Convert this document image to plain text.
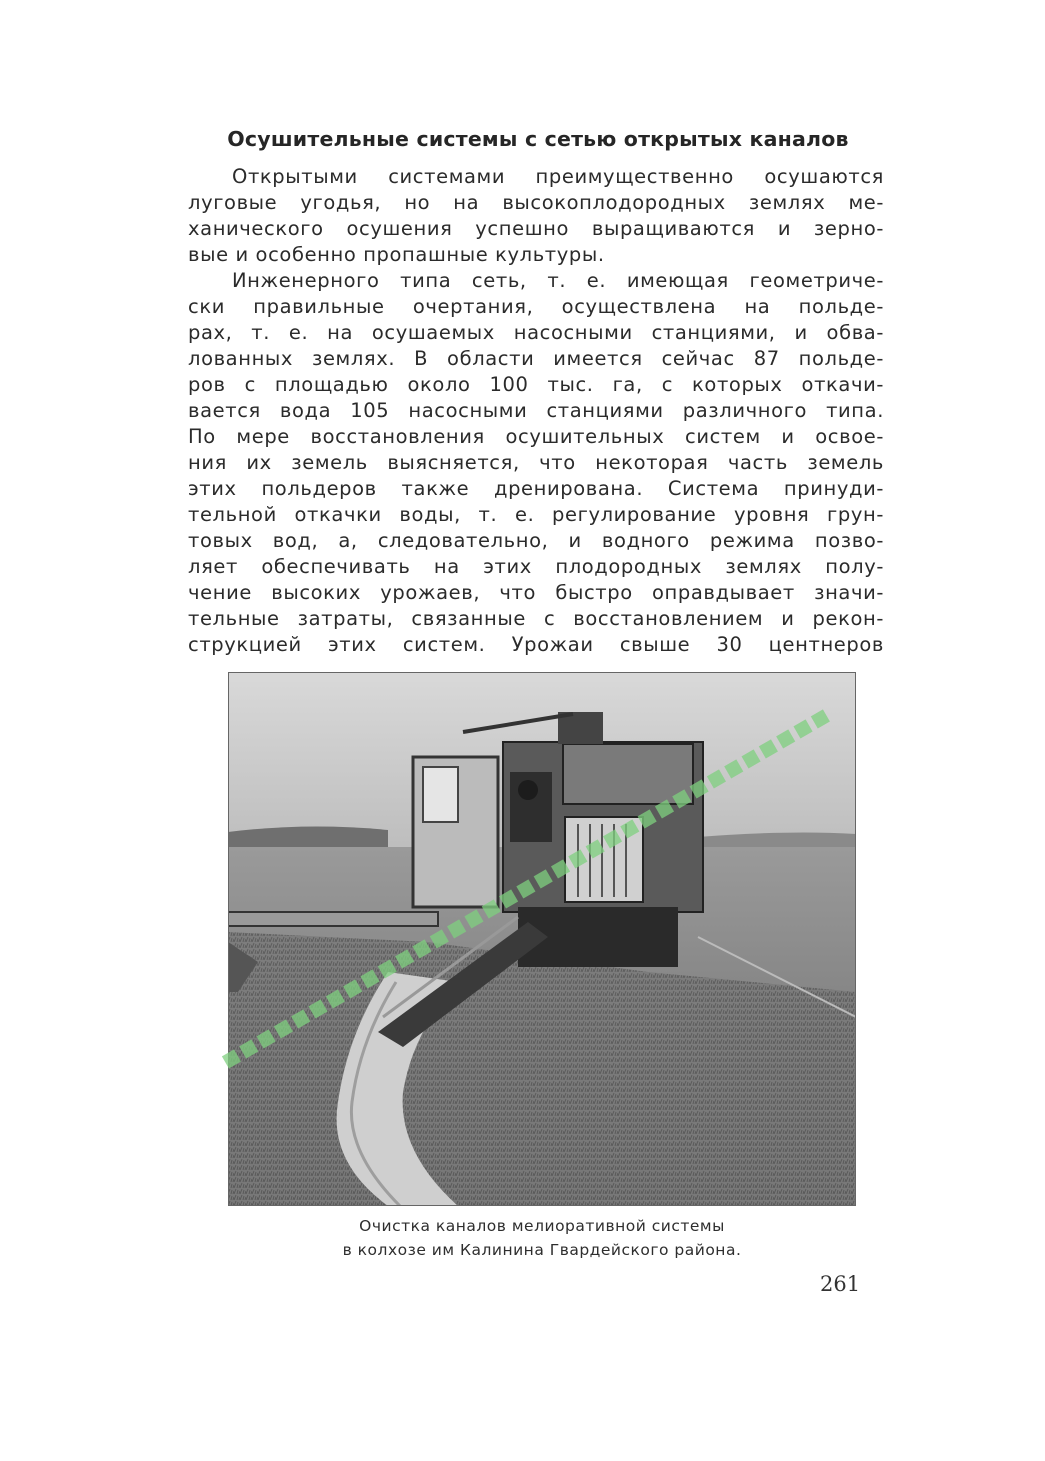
Осушительные системы с сетью открытых каналов
Открытыми системами преимущественно осушаются
луговые угодья, но на высокоплодородных землях ме-
ханического осушения успешно выращиваются и зерно-
вые и особенно пропашные культуры.
Инженерного типа сеть, т. е. имеющая геометриче-
ски правильные очертания, осуществлена на польде-
рах, т. е. на осушаемых насосными станциями, и обва-
лованных землях. В области имеется сейчас 87 польде-
ров с площадью около 100 тыс. га, с которых откачи-
вается вода 105 насосными станциями различного типа.
По мере восстановления осушительных систем и освое-
ния их земель выясняется, что некоторая часть земель
этих польдеров также дренирована. Система принуди-
тельной откачки воды, т. е. регулирование уровня грун-
товых вод, а, следовательно, и водного режима позво-
ляет обеспечивать на этих плодородных землях полу-
чение высоких урожаев, что быстро оправдывает значи-
тельные затраты, связанные с восстановлением и рекон-
струкцией этих систем. Урожаи свыше 30 центнеров
Очистка каналов мелиоративной системы
в колхозе им Калинина Гвардейского района.
261
